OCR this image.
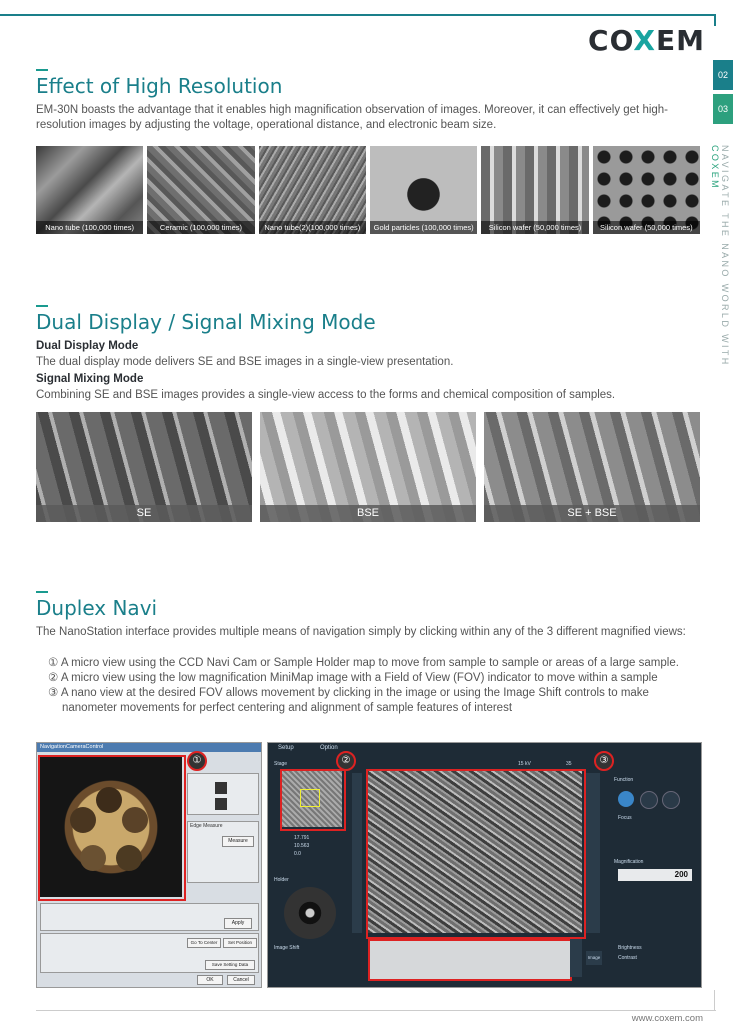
COXEM
02
03
NAVIGATE THE NANO WORLD WITH COXEM
Effect of High Resolution
EM-30N boasts the advantage that it enables high magnification observation of images. Moreover, it can effectively get high-resolution images by adjusting the voltage, operational distance, and electronic beam size.
Nano tube (100,000 times)	Ceramic (100,000 times)	Nano tube(2)(100,000 times)	Gold particles (100,000 times)	Silicon wafer (50,000 times)	Silicon wafer (50,000 times)
Dual Display / Signal Mixing Mode
Dual Display Mode
The dual display mode delivers SE and BSE images in a single-view presentation.
Signal Mixing Mode
Combining SE and BSE images provides a single-view access to the forms and chemical composition of samples.
SE	BSE	SE + BSE
Duplex Navi
The NanoStation interface provides multiple means of navigation simply by clicking within any of the 3 different magnified views:
① A micro view using the CCD Navi Cam or Sample Holder map to move from sample to sample or areas of a large sample.
② A micro view using the low magnification MiniMap image with a Field of View (FOV) indicator to move within a sample
③ A nano view at the desired FOV allows movement by clicking in the image or using the Image Shift controls to make nanometer movements for perfect centering and alignment of sample features of interest
NavigationCameraControl
①
Edge Measure
Measure
Apply
Go To Center	Set Position
Save Setting Data
OK	Cancel
Setup	Option
Stage	②
17.791
10.563
0.0
Holder
Image Shift
③
15 kV	35
Image
Function
Focus
Magnification
200
Brightness
Contrast
www.coxem.com
